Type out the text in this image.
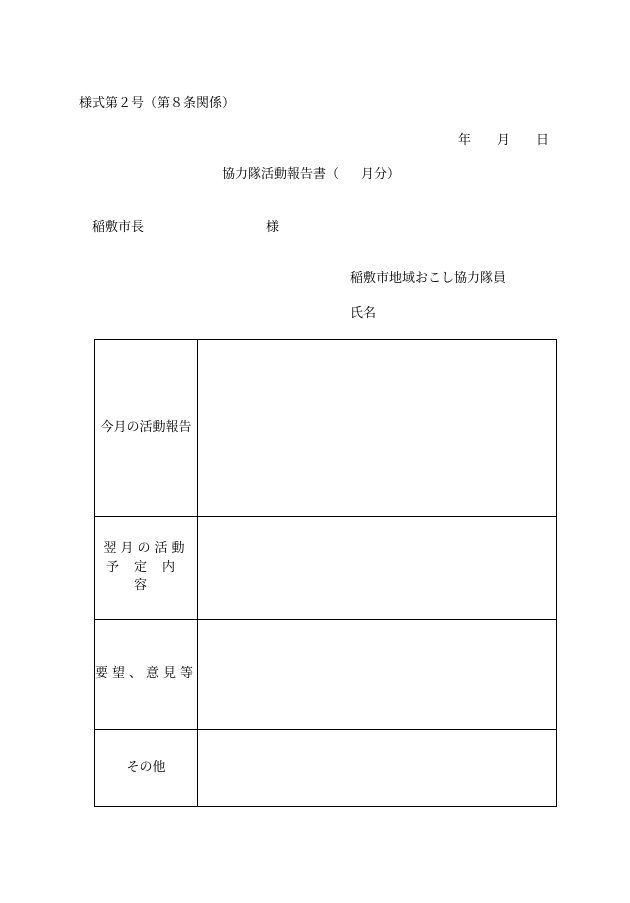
様式第２号（第８条関係）
年 月 日
協力隊活動報告書（ 月分）
稲敷市長	様
稲敷市地域おこし協力隊員
氏名
今月の活動報告	

翌月の活動
予定内容	

要望、意見等	

その他	
